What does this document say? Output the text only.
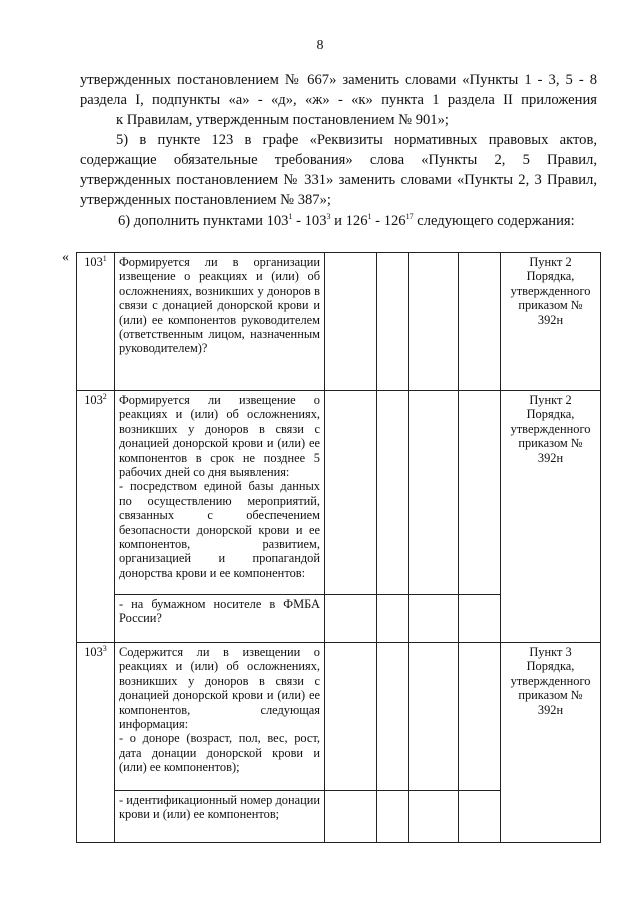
8

утвержденных постановлением № 667» заменить словами «Пункты 1 - 3, 5 - 8

раздела I, подпункты «а» - «д», «ж» - «к» пункта 1 раздела II приложения

к Правилам, утвержденным постановлением № 901»;

5) в пункте 123 в графе «Реквизиты нормативных правовых актов,

содержащие обязательные требования» слова «Пункты 2, 5 Правил,

утвержденных постановлением № 331» заменить словами «Пункты 2, 3 Правил,

утвержденных постановлением № 387»;

6) дополнить пунктами $103^1 - 103^3$ и $126^1 - 126^{17}$ следующего содержания:

« $103^1$	Формируется ли в организации извещение о реакциях и (или) об осложнениях, возникших у доноров в связи с донацией донорской крови и (или) ее компонентов руководителем (ответственным лицом, назначенным руководителем)?					Пункт 2 Порядка, утвержденного приказом № 392н
$103^2$	Формируется ли извещение о реакциях и (или) об осложнениях, возникших у доноров в связи с донацией донорской крови и (или) ее компонентов в срок не позднее 5 рабочих дней со дня выявления:
- посредством единой базы данных по осуществлению мероприятий, связанных с обеспечением безопасности донорской крови и ее компонентов, развитием, организацией и пропагандой донорства крови и ее компонентов:					Пункт 2 Порядка, утвержденного приказом № 392н
	- на бумажном носителе в ФМБА России?					
$103^3$	Содержится ли в извещении о реакциях и (или) об осложнениях, возникших у доноров в связи с донацией донорской крови и (или) ее компонентов, следующая информация:
- о доноре (возраст, пол, вес, рост, дата донации донорской крови и (или) ее компонентов);					Пункт 3 Порядка, утвержденного приказом № 392н
	- идентификационный номер донации крови и (или) ее компонентов;					
